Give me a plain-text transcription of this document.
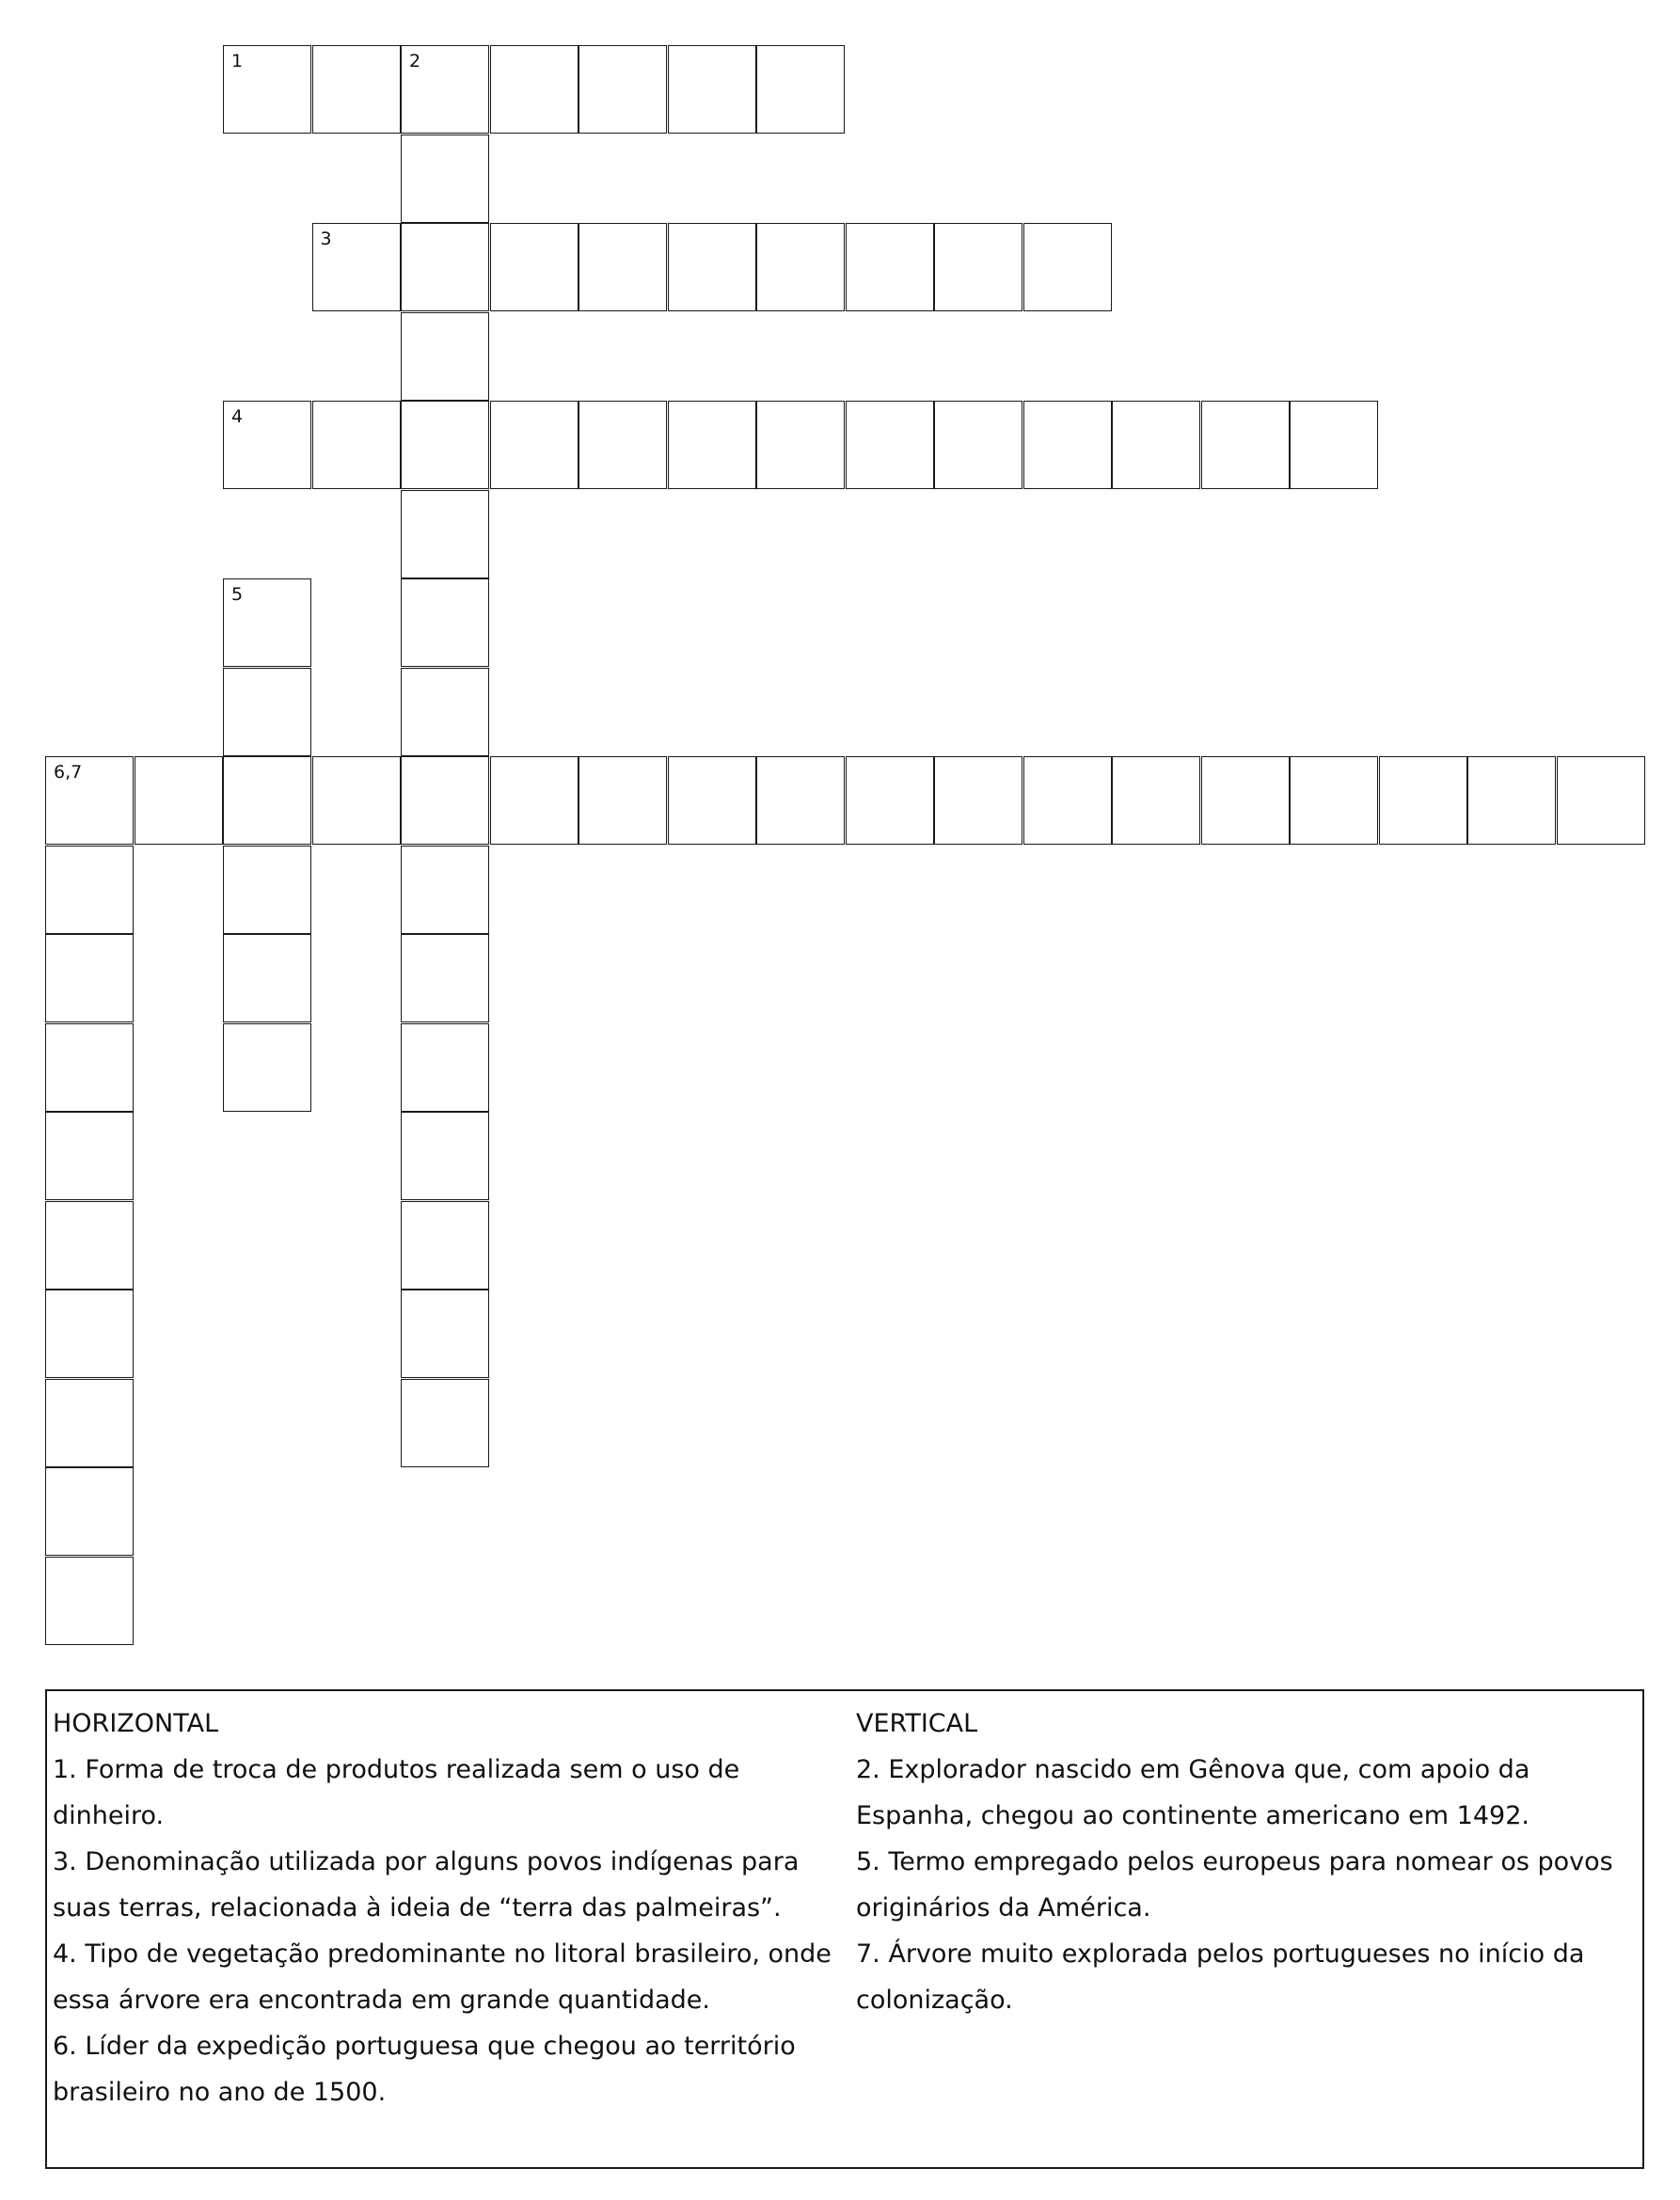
1	2
3
4
5
6,7

HORIZONTAL

1. Forma de troca de produtos realizada sem o uso de dinheiro.

3. Denominação utilizada por alguns povos indígenas para suas terras, relacionada à ideia de “terra das palmeiras”.

4. Tipo de vegetação predominante no litoral brasileiro, onde essa árvore era encontrada em grande quantidade.

6. Líder da expedição portuguesa que chegou ao território brasileiro no ano de 1500.

VERTICAL

2. Explorador nascido em Gênova que, com apoio da Espanha, chegou ao continente americano em 1492.

5. Termo empregado pelos europeus para nomear os povos originários da América.

7. Árvore muito explorada pelos portugueses no início da colonização.
